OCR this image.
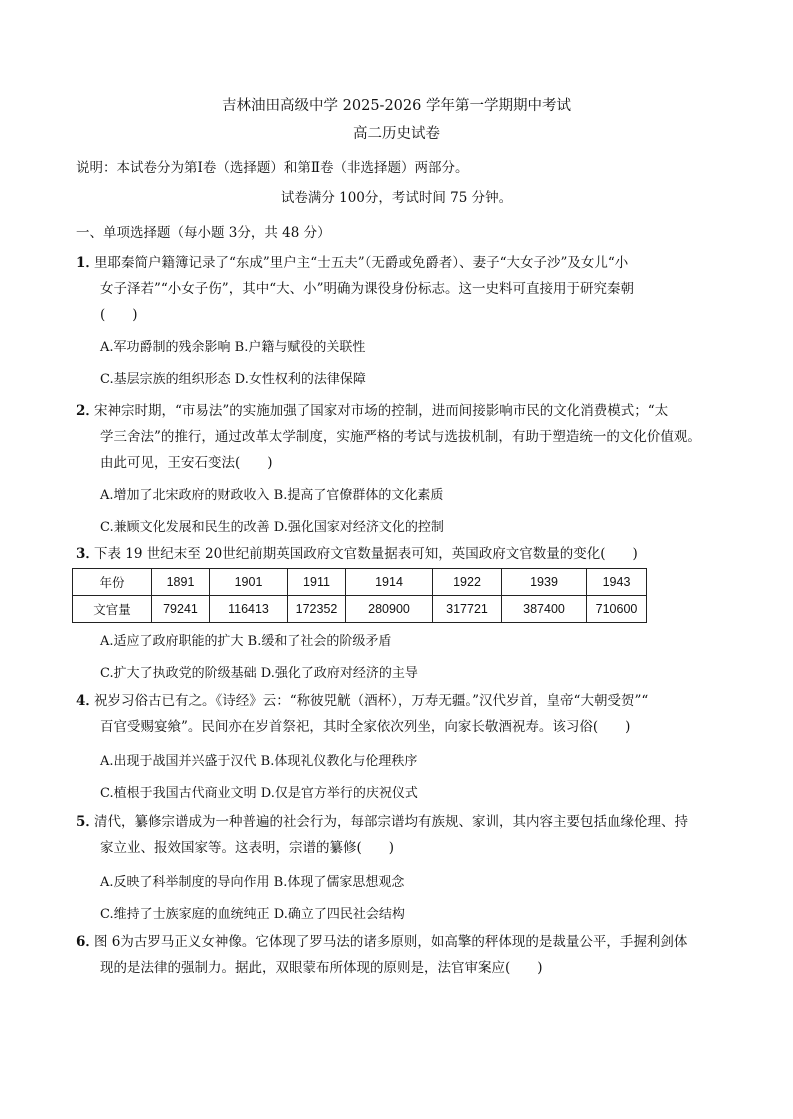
吉林油田高级中学 2025-2026 学年第一学期期中考试
高二历史试卷
说明：本试卷分为第Ⅰ卷（选择题）和第Ⅱ卷（非选择题）两部分。
试卷满分 100分，考试时间 75 分钟。
一、单项选择题（每小题 3分，共 48 分）
1．里耶秦简户籍簿记录了“东成”里户主“士五夫”（无爵或免爵者）、妻子“大女子沙”及女儿“小
女子泽若”“小女子伤”，其中“大、小”明确为课役身份标志。这一史料可直接用于研究秦朝
(　　)
A.军功爵制的残余影响 B.户籍与赋役的关联性
C.基层宗族的组织形态 D.女性权利的法律保障
2．宋神宗时期，“市易法”的实施加强了国家对市场的控制，进而间接影响市民的文化消费模式；“太
学三舍法”的推行，通过改革太学制度，实施严格的考试与选拔机制，有助于塑造统一的文化价值观。
由此可见，王安石变法(　　)
A.增加了北宋政府的财政收入 B.提高了官僚群体的文化素质
C.兼顾文化发展和民生的改善 D.强化国家对经济文化的控制
3．下表 19 世纪末至 20世纪前期英国政府文官数量据表可知，英国政府文官数量的变化(　　)
年份	1891	1901	1911	1914	1922	1939	1943
文官量	79241	116413	172352	280900	317721	387400	710600
A.适应了政府职能的扩大 B.缓和了社会的阶级矛盾
C.扩大了执政党的阶级基础 D.强化了政府对经济的主导
4．祝岁习俗古已有之。《诗经》云：“称彼兕觥（酒杯），万寿无疆。”汉代岁首，皇帝“大朝受贺”“
百官受赐宴飨”。民间亦在岁首祭祀，其时全家依次列坐，向家长敬酒祝寿。该习俗(　　)
A.出现于战国并兴盛于汉代 B.体现礼仪教化与伦理秩序
C.植根于我国古代商业文明 D.仅是官方举行的庆祝仪式
5．清代，纂修宗谱成为一种普遍的社会行为，每部宗谱均有族规、家训，其内容主要包括血缘伦理、持
家立业、报效国家等。这表明，宗谱的纂修(　　)
A.反映了科举制度的导向作用 B.体现了儒家思想观念
C.维持了士族家庭的血统纯正 D.确立了四民社会结构
6．图 6为古罗马正义女神像。它体现了罗马法的诸多原则，如高擎的秤体现的是裁量公平，手握利剑体
现的是法律的强制力。据此，双眼蒙布所体现的原则是，法官审案应(　　)
